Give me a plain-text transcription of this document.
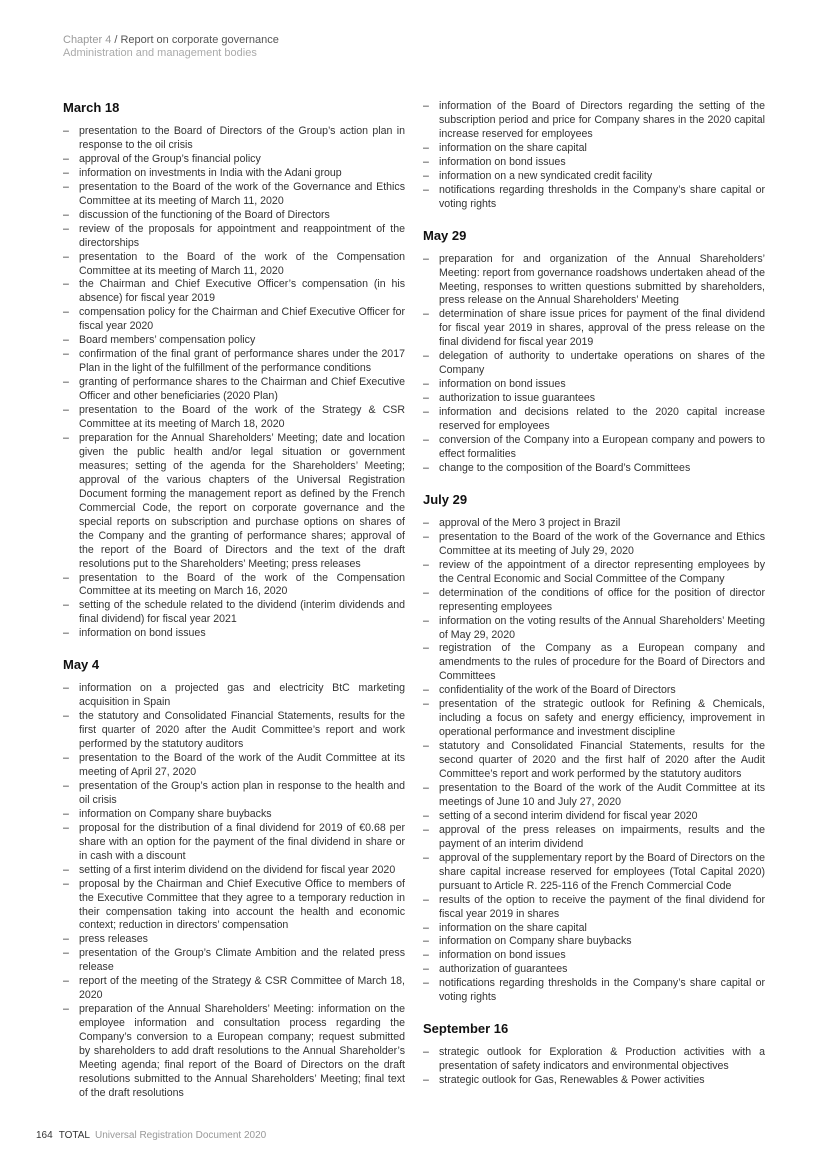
Chapter 4 / Report on corporate governance
Administration and management bodies
March 18
– presentation to the Board of Directors of the Group’s action plan in response to the oil crisis
– approval of the Group’s financial policy
– information on investments in India with the Adani group
– presentation to the Board of the work of the Governance and Ethics Committee at its meeting of March 11, 2020
– discussion of the functioning of the Board of Directors
– review of the proposals for appointment and reappointment of the directorships
– presentation to the Board of the work of the Compensation Committee at its meeting of March 11, 2020
– the Chairman and Chief Executive Officer’s compensation (in his absence) for fiscal year 2019
– compensation policy for the Chairman and Chief Executive Officer for fiscal year 2020
– Board members’ compensation policy
– confirmation of the final grant of performance shares under the 2017 Plan in the light of the fulfillment of the performance conditions
– granting of performance shares to the Chairman and Chief Executive Officer and other beneficiaries (2020 Plan)
– presentation to the Board of the work of the Strategy & CSR Committee at its meeting of March 18, 2020
– preparation for the Annual Shareholders’ Meeting; date and location given the public health and/or legal situation or government measures; setting of the agenda for the Shareholders’ Meeting; approval of the various chapters of the Universal Registration Document forming the management report as defined by the French Commercial Code, the report on corporate governance and the special reports on subscription and purchase options on shares of the Company and the granting of performance shares; approval of the report of the Board of Directors and the text of the draft resolutions put to the Shareholders’ Meeting; press releases
– presentation to the Board of the work of the Compensation Committee at its meeting on March 16, 2020
– setting of the schedule related to the dividend (interim dividends and final dividend) for fiscal year 2021
– information on bond issues
May 4
– information on a projected gas and electricity BtC marketing acquisition in Spain
– the statutory and Consolidated Financial Statements, results for the first quarter of 2020 after the Audit Committee’s report and work performed by the statutory auditors
– presentation to the Board of the work of the Audit Committee at its meeting of April 27, 2020
– presentation of the Group’s action plan in response to the health and oil crisis
– information on Company share buybacks
– proposal for the distribution of a final dividend for 2019 of €0.68 per share with an option for the payment of the final dividend in share or in cash with a discount
– setting of a first interim dividend on the dividend for fiscal year 2020
– proposal by the Chairman and Chief Executive Office to members of the Executive Committee that they agree to a temporary reduction in their compensation taking into account the health and economic context; reduction in directors’ compensation
– press releases
– presentation of the Group’s Climate Ambition and the related press release
– report of the meeting of the Strategy & CSR Committee of March 18, 2020
– preparation of the Annual Shareholders’ Meeting: information on the employee information and consultation process regarding the Company’s conversion to a European company; request submitted by shareholders to add draft resolutions to the Annual Shareholder’s Meeting agenda; final report of the Board of Directors on the draft resolutions submitted to the Annual Shareholders’ Meeting; final text of the draft resolutions
– information of the Board of Directors regarding the setting of the subscription period and price for Company shares in the 2020 capital increase reserved for employees
– information on the share capital
– information on bond issues
– information on a new syndicated credit facility
– notifications regarding thresholds in the Company’s share capital or voting rights
May 29
– preparation for and organization of the Annual Shareholders’ Meeting: report from governance roadshows undertaken ahead of the Meeting, responses to written questions submitted by shareholders, press release on the Annual Shareholders’ Meeting
– determination of share issue prices for payment of the final dividend for fiscal year 2019 in shares, approval of the press release on the final dividend for fiscal year 2019
– delegation of authority to undertake operations on shares of the Company
– information on bond issues
– authorization to issue guarantees
– information and decisions related to the 2020 capital increase reserved for employees
– conversion of the Company into a European company and powers to effect formalities
– change to the composition of the Board’s Committees
July 29
– approval of the Mero 3 project in Brazil
– presentation to the Board of the work of the Governance and Ethics Committee at its meeting of July 29, 2020
– review of the appointment of a director representing employees by the Central Economic and Social Committee of the Company
– determination of the conditions of office for the position of director representing employees
– information on the voting results of the Annual Shareholders’ Meeting of May 29, 2020
– registration of the Company as a European company and amendments to the rules of procedure for the Board of Directors and Committees
– confidentiality of the work of the Board of Directors
– presentation of the strategic outlook for Refining & Chemicals, including a focus on safety and energy efficiency, improvement in operational performance and investment discipline
– statutory and Consolidated Financial Statements, results for the second quarter of 2020 and the first half of 2020 after the Audit Committee’s report and work performed by the statutory auditors
– presentation to the Board of the work of the Audit Committee at its meetings of June 10 and July 27, 2020
– setting of a second interim dividend for fiscal year 2020
– approval of the press releases on impairments, results and the payment of an interim dividend
– approval of the supplementary report by the Board of Directors on the share capital increase reserved for employees (Total Capital 2020) pursuant to Article R. 225-116 of the French Commercial Code
– results of the option to receive the payment of the final dividend for fiscal year 2019 in shares
– information on the share capital
– information on Company share buybacks
– information on bond issues
– authorization of guarantees
– notifications regarding thresholds in the Company’s share capital or voting rights
September 16
– strategic outlook for Exploration & Production activities with a presentation of safety indicators and environmental objectives
– strategic outlook for Gas, Renewables & Power activities
164 TOTAL Universal Registration Document 2020
